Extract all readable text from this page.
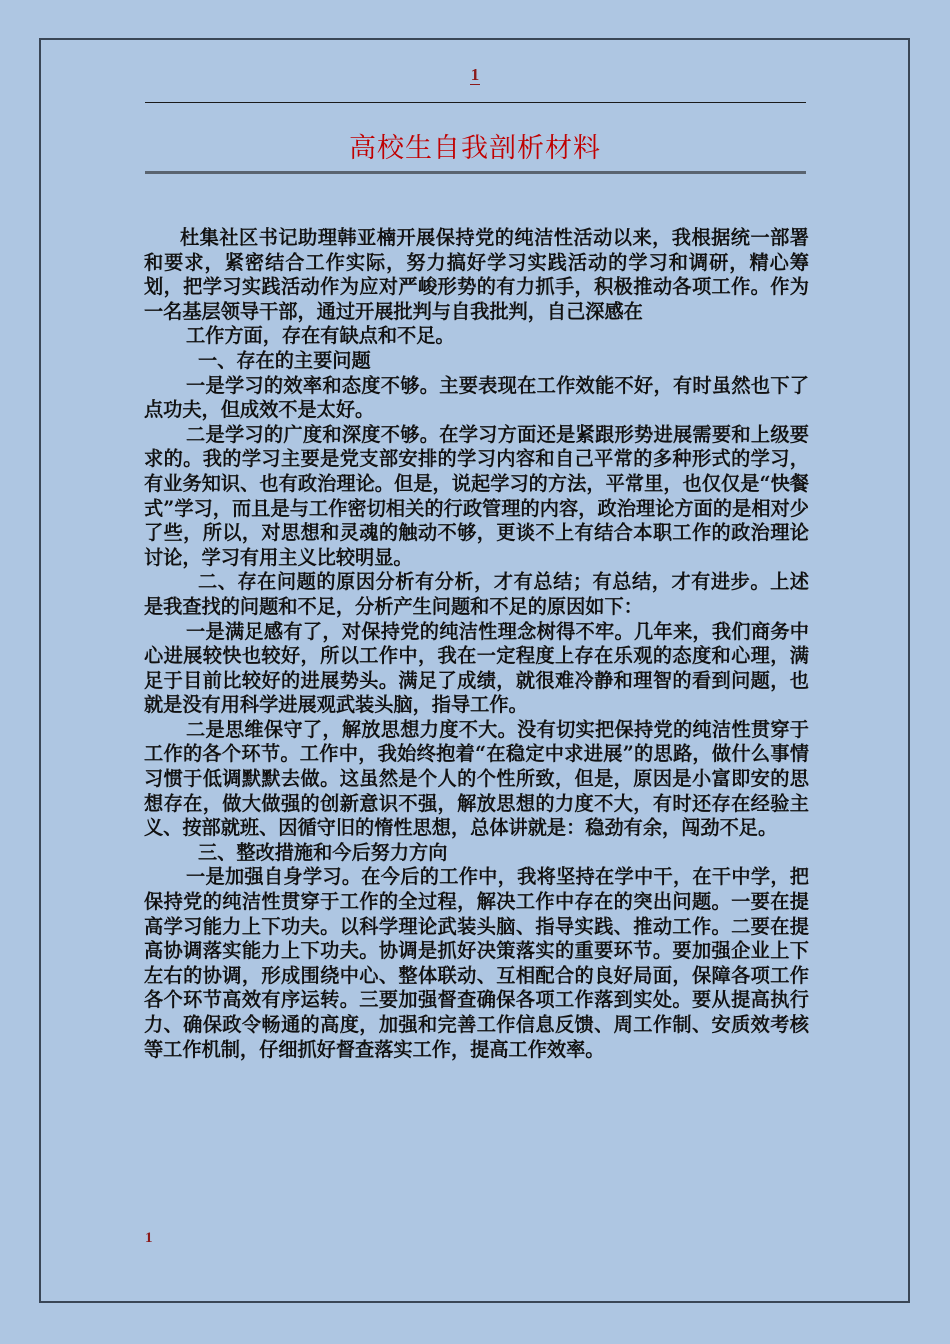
1
高校生自我剖析材料

杜集社区书记助理韩亚楠开展保持党的纯洁性活动以来，我根据统一部署和要求，紧密结合工作实际，努力搞好学习实践活动的学习和调研，精心筹划，把学习实践活动作为应对严峻形势的有力抓手，积极推动各项工作。作为一名基层领导干部，通过开展批判与自我批判，自己深感在

工作方面，存在有缺点和不足。

一、存在的主要问题

一是学习的效率和态度不够。主要表现在工作效能不好，有时虽然也下了点功夫，但成效不是太好。

二是学习的广度和深度不够。在学习方面还是紧跟形势进展需要和上级要求的。我的学习主要是党支部安排的学习内容和自己平常的多种形式的学习，有业务知识、也有政治理论。但是，说起学习的方法，平常里，也仅仅是“快餐式”学习，而且是与工作密切相关的行政管理的内容，政治理论方面的是相对少了些，所以，对思想和灵魂的触动不够，更谈不上有结合本职工作的政治理论讨论，学习有用主义比较明显。

二、存在问题的原因分析有分析，才有总结；有总结，才有进步。上述是我查找的问题和不足，分析产生问题和不足的原因如下：

一是满足感有了，对保持党的纯洁性理念树得不牢。几年来，我们商务中心进展较快也较好，所以工作中，我在一定程度上存在乐观的态度和心理，满足于目前比较好的进展势头。满足了成绩，就很难冷静和理智的看到问题，也就是没有用科学进展观武装头脑，指导工作。

二是思维保守了，解放思想力度不大。没有切实把保持党的纯洁性贯穿于工作的各个环节。工作中，我始终抱着“在稳定中求进展”的思路，做什么事情习惯于低调默默去做。这虽然是个人的个性所致，但是，原因是小富即安的思想存在，做大做强的创新意识不强，解放思想的力度不大，有时还存在经验主义、按部就班、因循守旧的惰性思想，总体讲就是：稳劲有余，闯劲不足。

三、整改措施和今后努力方向

一是加强自身学习。在今后的工作中，我将坚持在学中干，在干中学，把保持党的纯洁性贯穿于工作的全过程，解决工作中存在的突出问题。一要在提高学习能力上下功夫。以科学理论武装头脑、指导实践、推动工作。二要在提高协调落实能力上下功夫。协调是抓好决策落实的重要环节。要加强企业上下左右的协调，形成围绕中心、整体联动、互相配合的良好局面，保障各项工作各个环节高效有序运转。三要加强督查确保各项工作落到实处。要从提高执行力、确保政令畅通的高度，加强和完善工作信息反馈、周工作制、安质效考核等工作机制，仔细抓好督查落实工作，提高工作效率。

1
